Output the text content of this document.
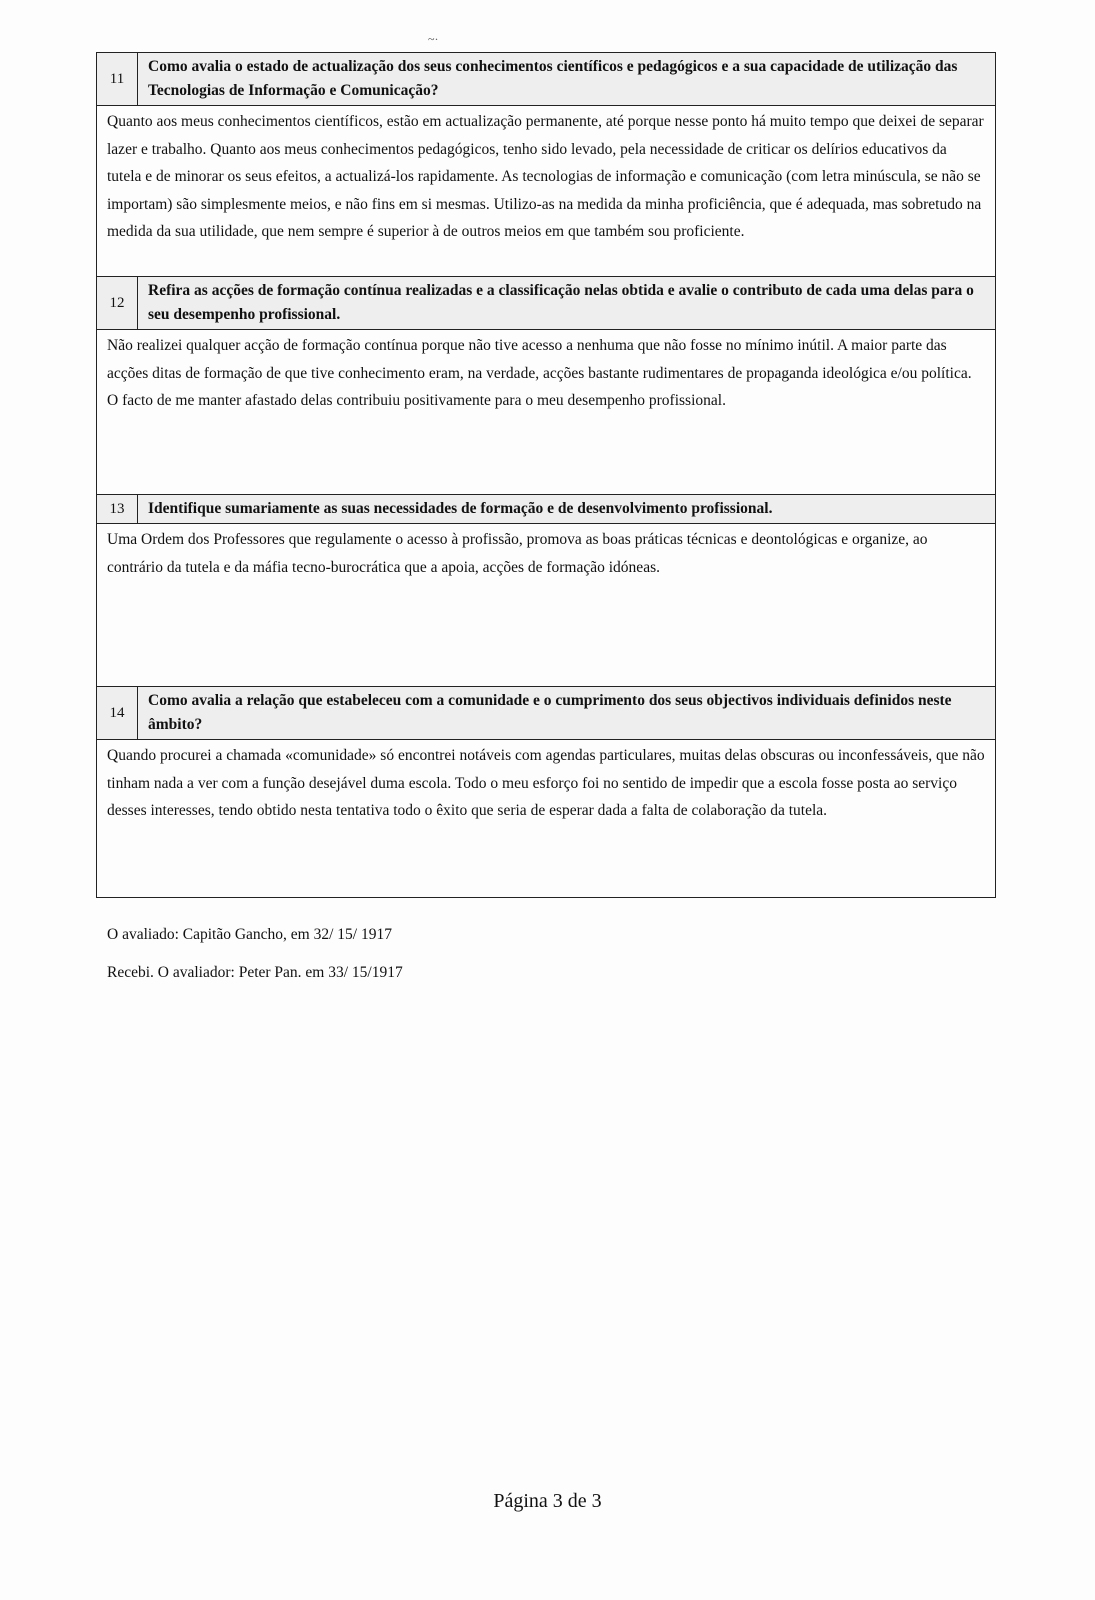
~·
11
Como avalia o estado de actualização dos seus conhecimentos científicos e pedagógicos e a sua capacidade de utilização das Tecnologias de Informação e Comunicação?
Quanto aos meus conhecimentos científicos, estão em actualização permanente, até porque nesse ponto há muito tempo que deixei de separar lazer e trabalho. Quanto aos meus conhecimentos pedagógicos, tenho sido levado, pela necessidade de criticar os delírios educativos da tutela e de minorar os seus efeitos, a actualizá-los rapidamente. As tecnologias de informação e comunicação (com letra minúscula, se não se importam) são simplesmente meios, e não fins em si mesmas. Utilizo-as na medida da minha proficiência, que é adequada, mas sobretudo na medida da sua utilidade, que nem sempre é superior à de outros meios em que também sou proficiente.
12
Refira as acções de formação contínua realizadas e a classificação nelas obtida e avalie o contributo de cada uma delas para o seu desempenho profissional.
Não realizei qualquer acção de formação contínua porque não tive acesso a nenhuma que não fosse no mínimo inútil. A maior parte das acções ditas de formação de que tive conhecimento eram, na verdade, acções bastante rudimentares de propaganda ideológica e/ou política. O facto de me manter afastado delas contribuiu positivamente para o meu desempenho profissional.
13	Identifique sumariamente as suas necessidades de formação e de desenvolvimento profissional.
Uma Ordem dos Professores que regulamente o acesso à profissão, promova as boas práticas técnicas e deontológicas e organize, ao contrário da tutela e da máfia tecno-burocrática que a apoia, acções de formação idóneas.
14
Como avalia a relação que estabeleceu com a comunidade e o cumprimento dos seus objectivos individuais definidos neste âmbito?
Quando procurei a chamada «comunidade» só encontrei notáveis com agendas particulares, muitas delas obscuras ou inconfessáveis, que não tinham nada a ver com a função desejável duma escola. Todo o meu esforço foi no sentido de impedir que a escola fosse posta ao serviço desses interesses, tendo obtido nesta tentativa todo o êxito que seria de esperar dada a falta de colaboração da tutela.
O avaliado: Capitão Gancho, em 32/ 15/ 1917
Recebi. O avaliador: Peter Pan. em 33/ 15/1917
Página 3 de 3
